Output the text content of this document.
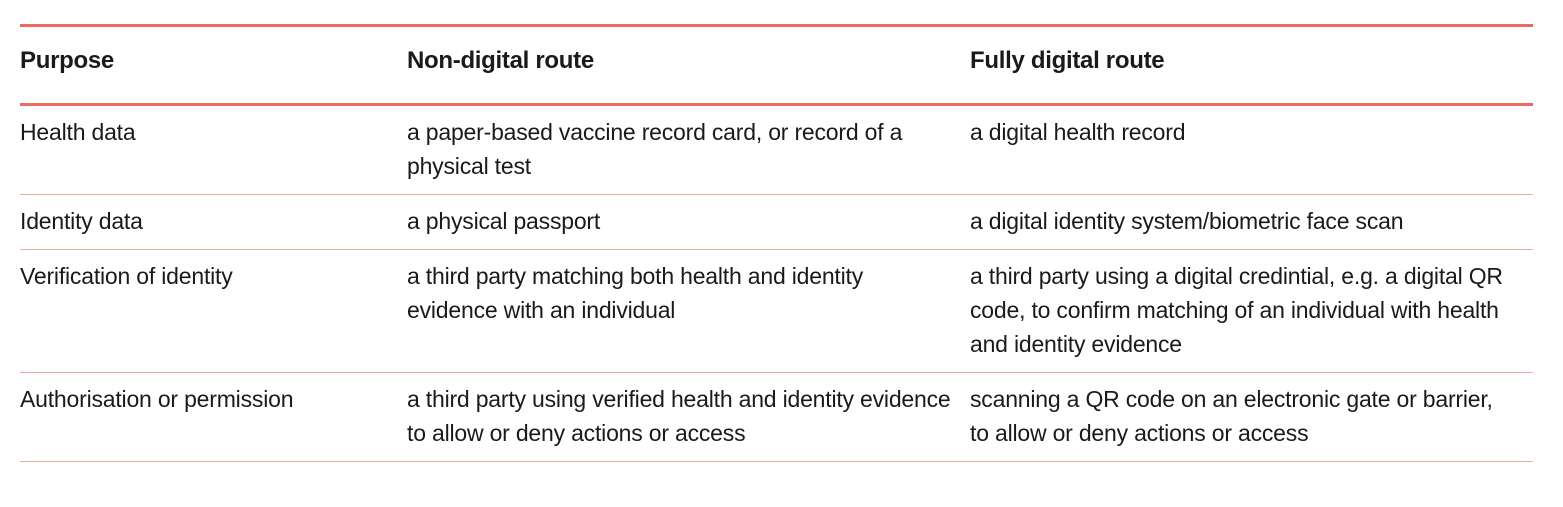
Purpose	Non-digital route	Fully digital route
Health data	a paper-based vaccine record card, or record of a physical test	a digital health record
Identity data	a physical passport	a digital identity system/biometric face scan
Verification of identity	a third party matching both health and identity evidence with an individual	a third party using a digital credintial, e.g. a digital QR code, to confirm matching of an individual with health and identity evidence
Authorisation or permission	a third party using verified health and identity evidence to allow or deny actions or access	scanning a QR code on an electronic gate or barrier, to allow or deny actions or access
